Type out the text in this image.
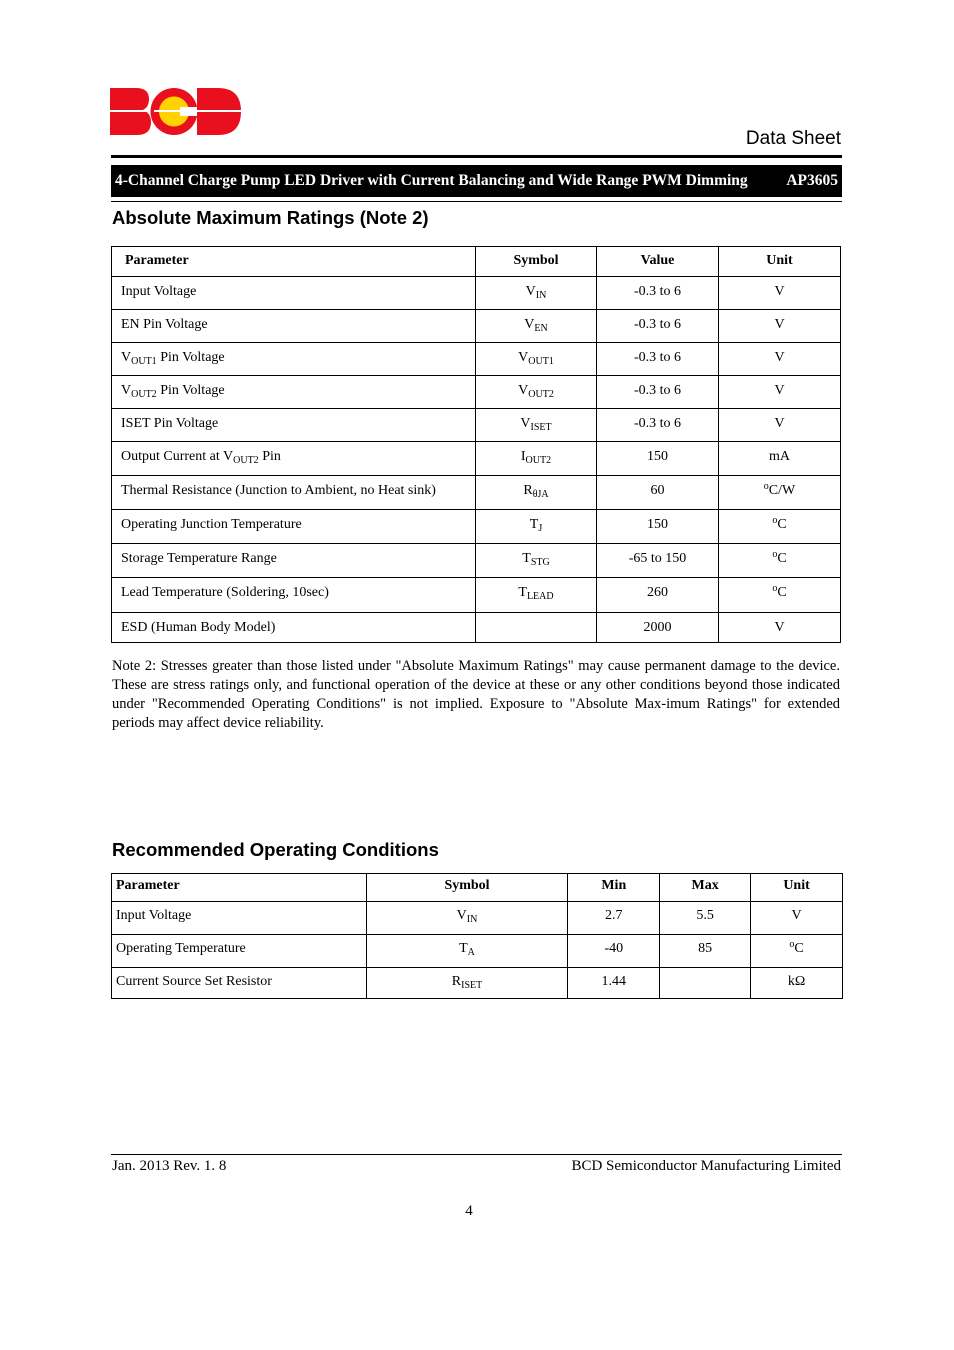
Data Sheet
4-Channel Charge Pump LED Driver with Current Balancing and Wide Range PWM Dimming AP3605
Absolute Maximum Ratings (Note 2)
Parameter	Symbol	Value	Unit
Input Voltage	$V_{IN}$	-0.3 to 6	V
EN Pin Voltage	$V_{EN}$	-0.3 to 6	V
$V_{OUT1}$ Pin Voltage	$V_{OUT1}$	-0.3 to 6	V
$V_{OUT2}$ Pin Voltage	$V_{OUT2}$	-0.3 to 6	V
ISET Pin Voltage	$V_{ISET}$	-0.3 to 6	V
Output Current at $V_{OUT2}$ Pin	$I_{OUT2}$	150	mA
Thermal Resistance (Junction to Ambient, no Heat sink)	$R_{\theta JA}$	60	$^o$C/W
Operating Junction Temperature	$T_J$	150	$^o$C
Storage Temperature Range	$T_{STG}$	-65 to 150	$^o$C
Lead Temperature (Soldering, 10sec)	$T_{LEAD}$	260	$^o$C
ESD (Human Body Model)		2000	V
Note 2: Stresses greater than those listed under "Absolute Maximum Ratings" may cause permanent damage to the device. These are stress ratings only, and functional operation of the device at these or any other conditions beyond those indicated under "Recommended Operating Conditions" is not implied. Exposure to "Absolute Max-imum Ratings" for extended periods may affect device reliability.
Recommended Operating Conditions
Parameter	Symbol	Min	Max	Unit
Input Voltage	$V_{IN}$	2.7	5.5	V
Operating Temperature	$T_A$	-40	85	$^o$C
Current Source Set Resistor	$R_{ISET}$	1.44		kΩ
Jan. 2013 Rev. 1. 8	BCD Semiconductor Manufacturing Limited
4
